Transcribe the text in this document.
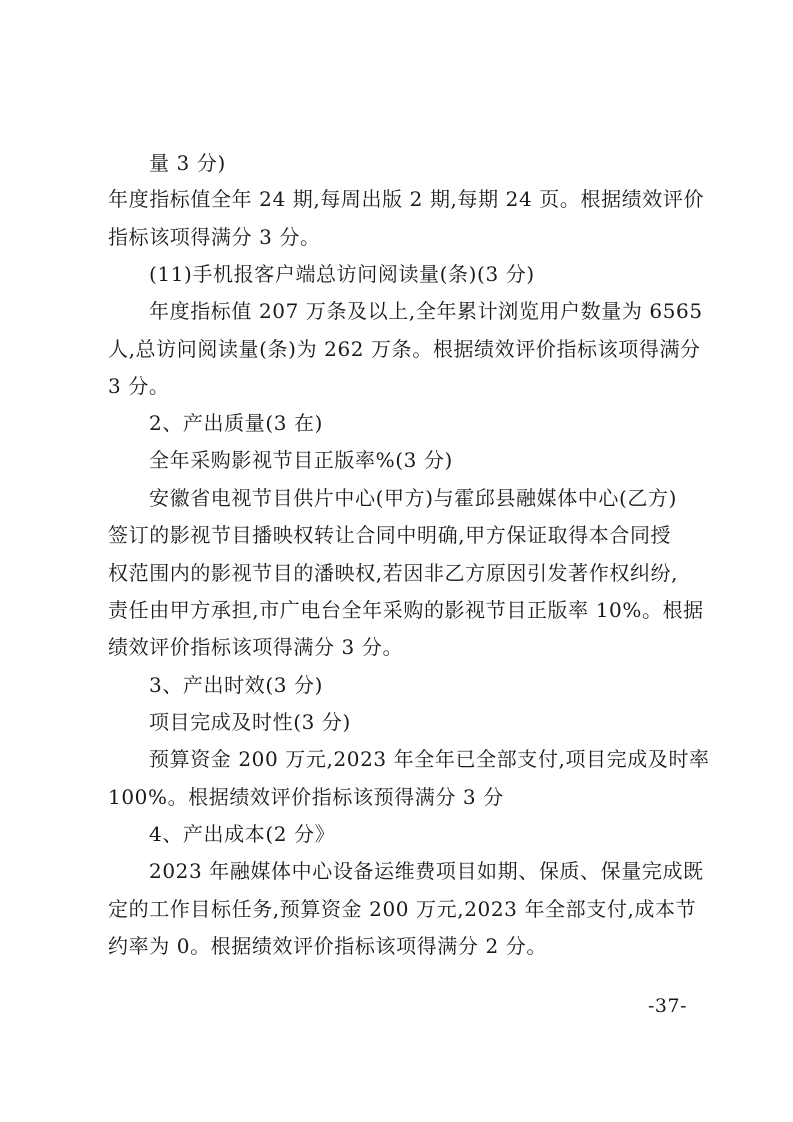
量 3 分)
年度指标值全年 24 期,每周出版 2 期,每期 24 页。根据绩效评价
指标该项得满分 3 分。
(11)手机报客户端总访问阅读量(条)(3 分)
年度指标值 207 万条及以上,全年累计浏览用户数量为 6565
人,总访问阅读量(条)为 262 万条。根据绩效评价指标该项得满分
3 分。
2、产出质量(3 在)
全年采购影视节目正版率%(3 分)
安徽省电视节目供片中心(甲方)与霍邱县融媒体中心(乙方)
签订的影视节目播映权转让合同中明确,甲方保证取得本合同授
权范围内的影视节目的潘映权,若因非乙方原因引发著作权纠纷,
责任由甲方承担,市广电台全年采购的影视节目正版率 10%。根据
绩效评价指标该项得满分 3 分。
3、产出时效(3 分)
项目完成及时性(3 分)
预算资金 200 万元,2023 年全年已全部支付,项目完成及时率
100%。根据绩效评价指标该预得满分 3 分
4、产出成本(2 分》
2023 年融媒体中心设备运维费项目如期、保质、保量完成既
定的工作目标任务,预算资金 200 万元,2023 年全部支付,成本节
约率为 0。根据绩效评价指标该项得满分 2 分。
-37-
